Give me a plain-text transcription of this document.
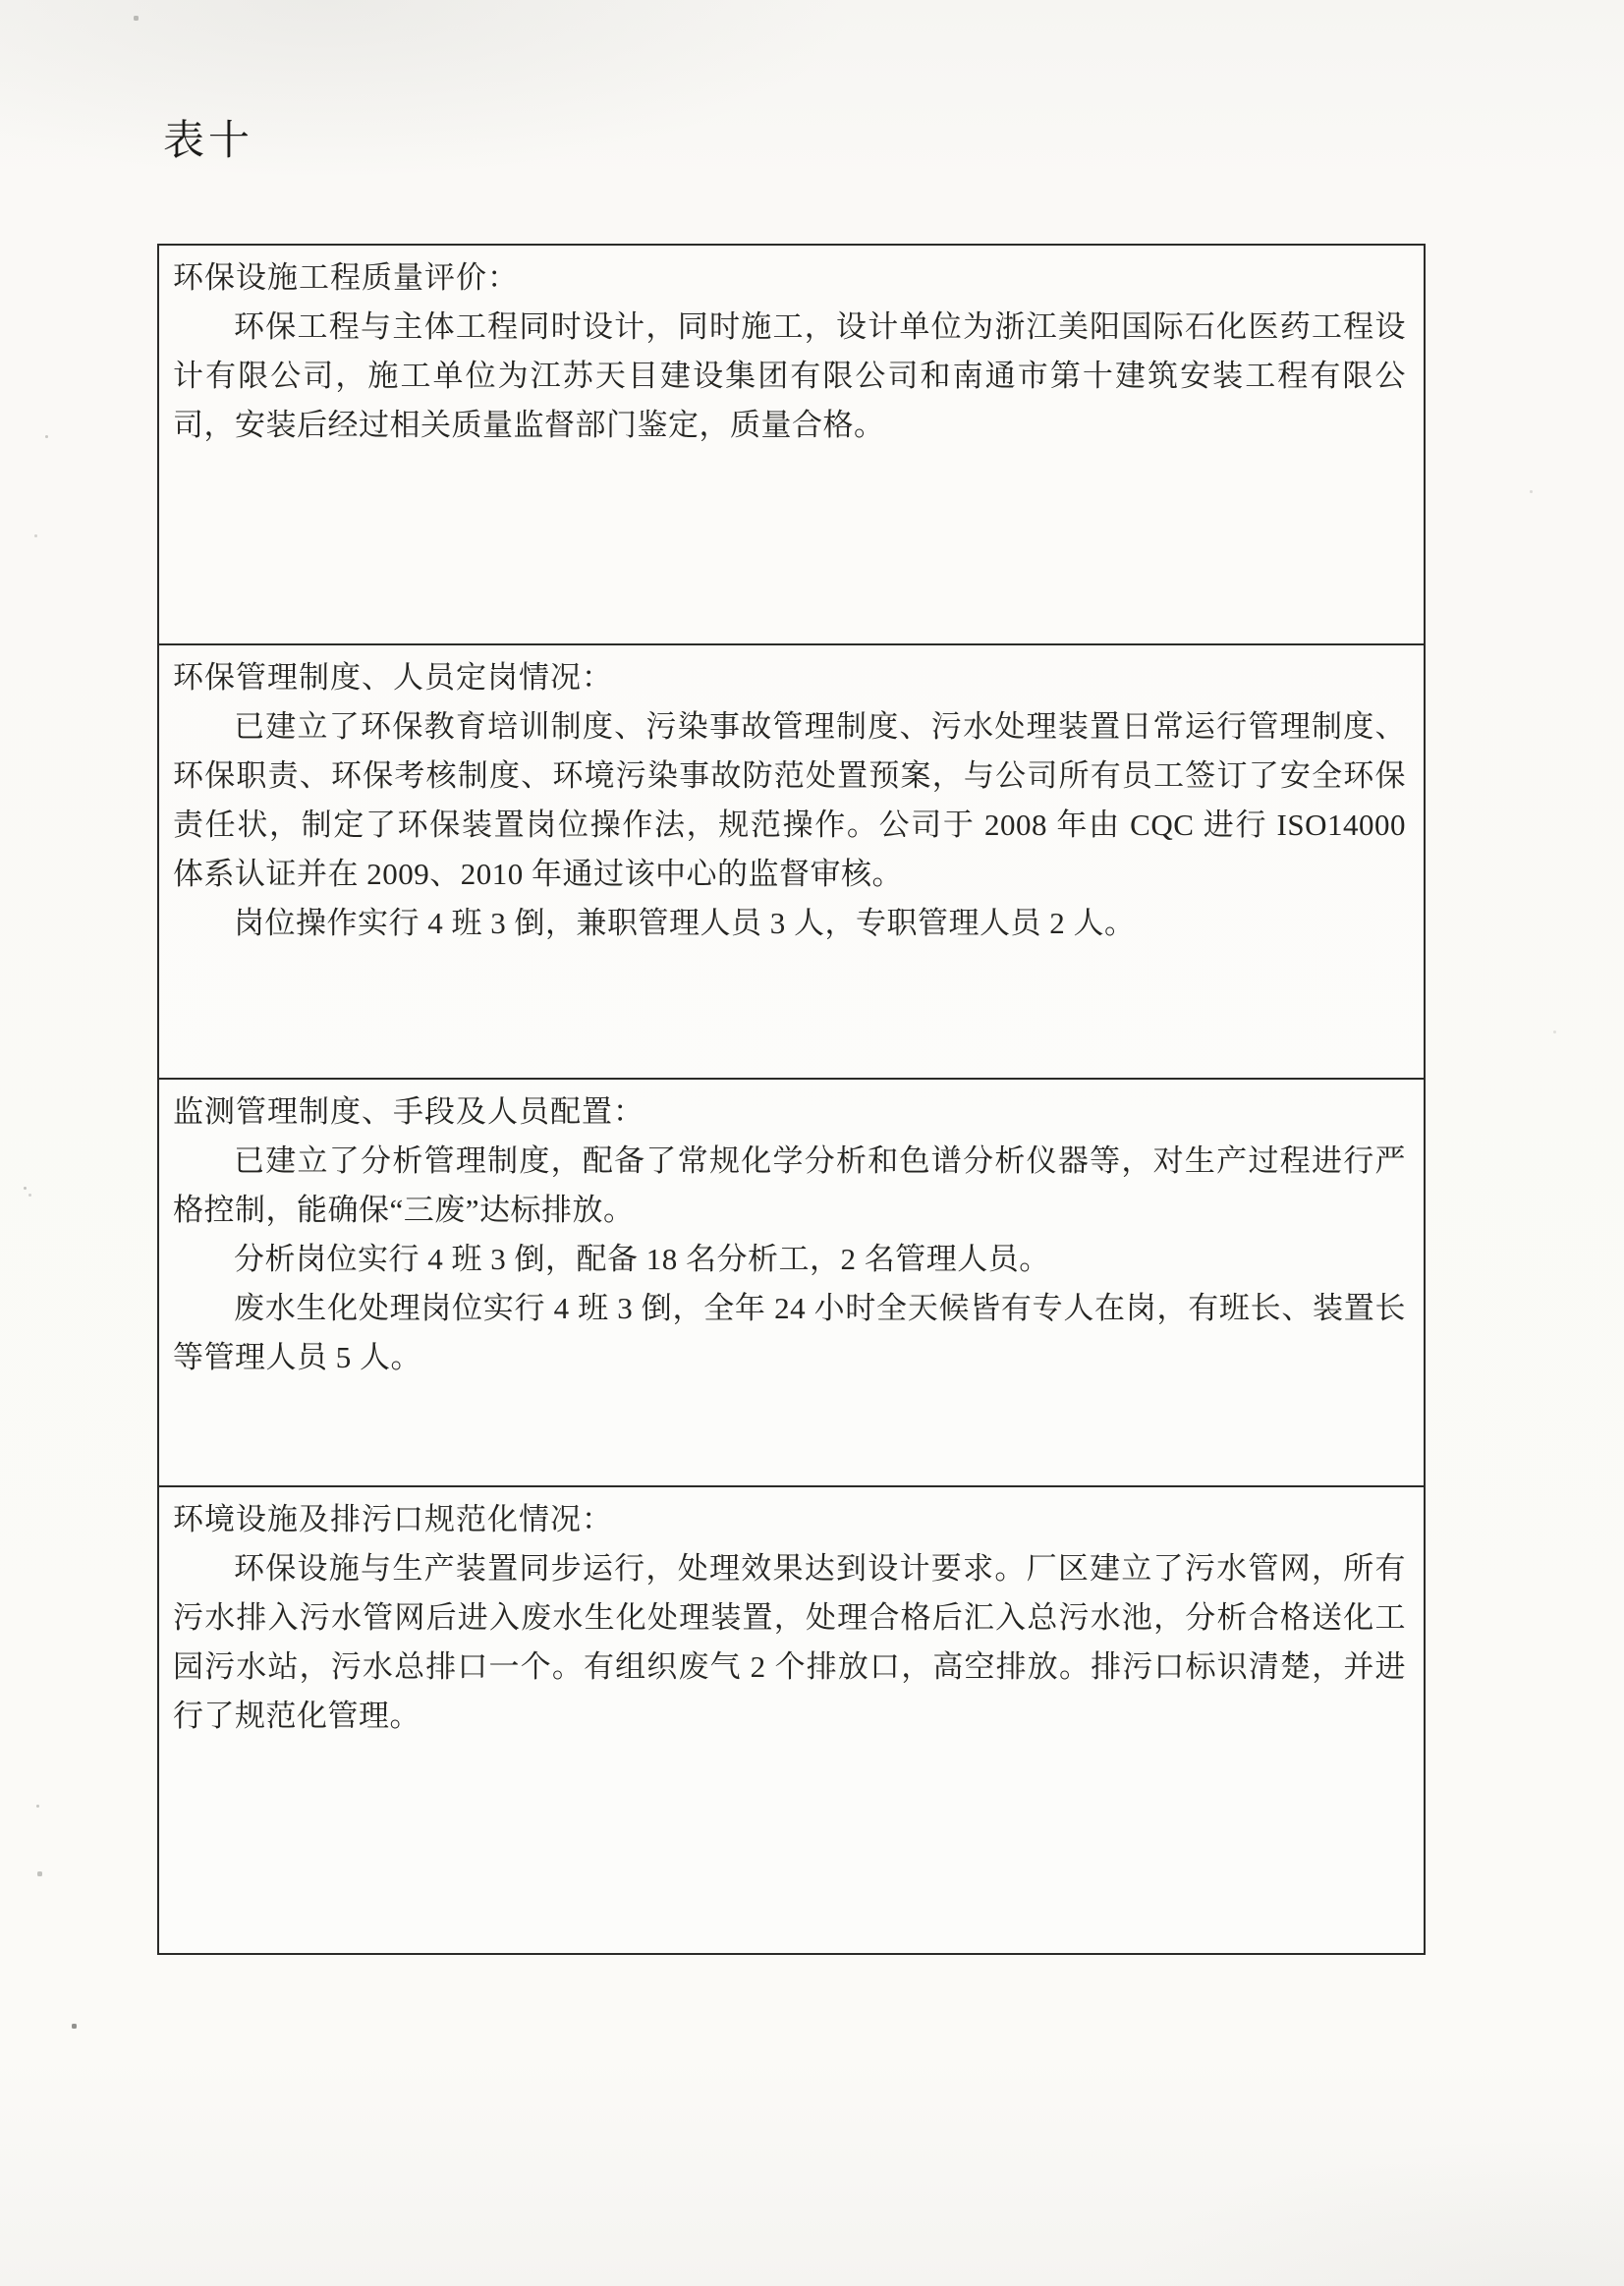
表十
环保设施工程质量评价：

环保工程与主体工程同时设计，同时施工，设计单位为浙江美阳国际石化医药工程设计有限公司，施工单位为江苏天目建设集团有限公司和南通市第十建筑安装工程有限公司，安装后经过相关质量监督部门鉴定，质量合格。

环保管理制度、人员定岗情况：

已建立了环保教育培训制度、污染事故管理制度、污水处理装置日常运行管理制度、环保职责、环保考核制度、环境污染事故防范处置预案，与公司所有员工签订了安全环保责任状，制定了环保装置岗位操作法，规范操作。公司于 2008 年由 CQC 进行 ISO14000 体系认证并在 2009、2010 年通过该中心的监督审核。

岗位操作实行 4 班 3 倒，兼职管理人员 3 人，专职管理人员 2 人。

监测管理制度、手段及人员配置：

已建立了分析管理制度，配备了常规化学分析和色谱分析仪器等，对生产过程进行严格控制，能确保“三废”达标排放。

分析岗位实行 4 班 3 倒，配备 18 名分析工，2 名管理人员。

废水生化处理岗位实行 4 班 3 倒，全年 24 小时全天候皆有专人在岗，有班长、装置长等管理人员 5 人。

环境设施及排污口规范化情况：

环保设施与生产装置同步运行，处理效果达到设计要求。厂区建立了污水管网，所有污水排入污水管网后进入废水生化处理装置，处理合格后汇入总污水池，分析合格送化工园污水站，污水总排口一个。有组织废气 2 个排放口，高空排放。排污口标识清楚，并进行了规范化管理。
